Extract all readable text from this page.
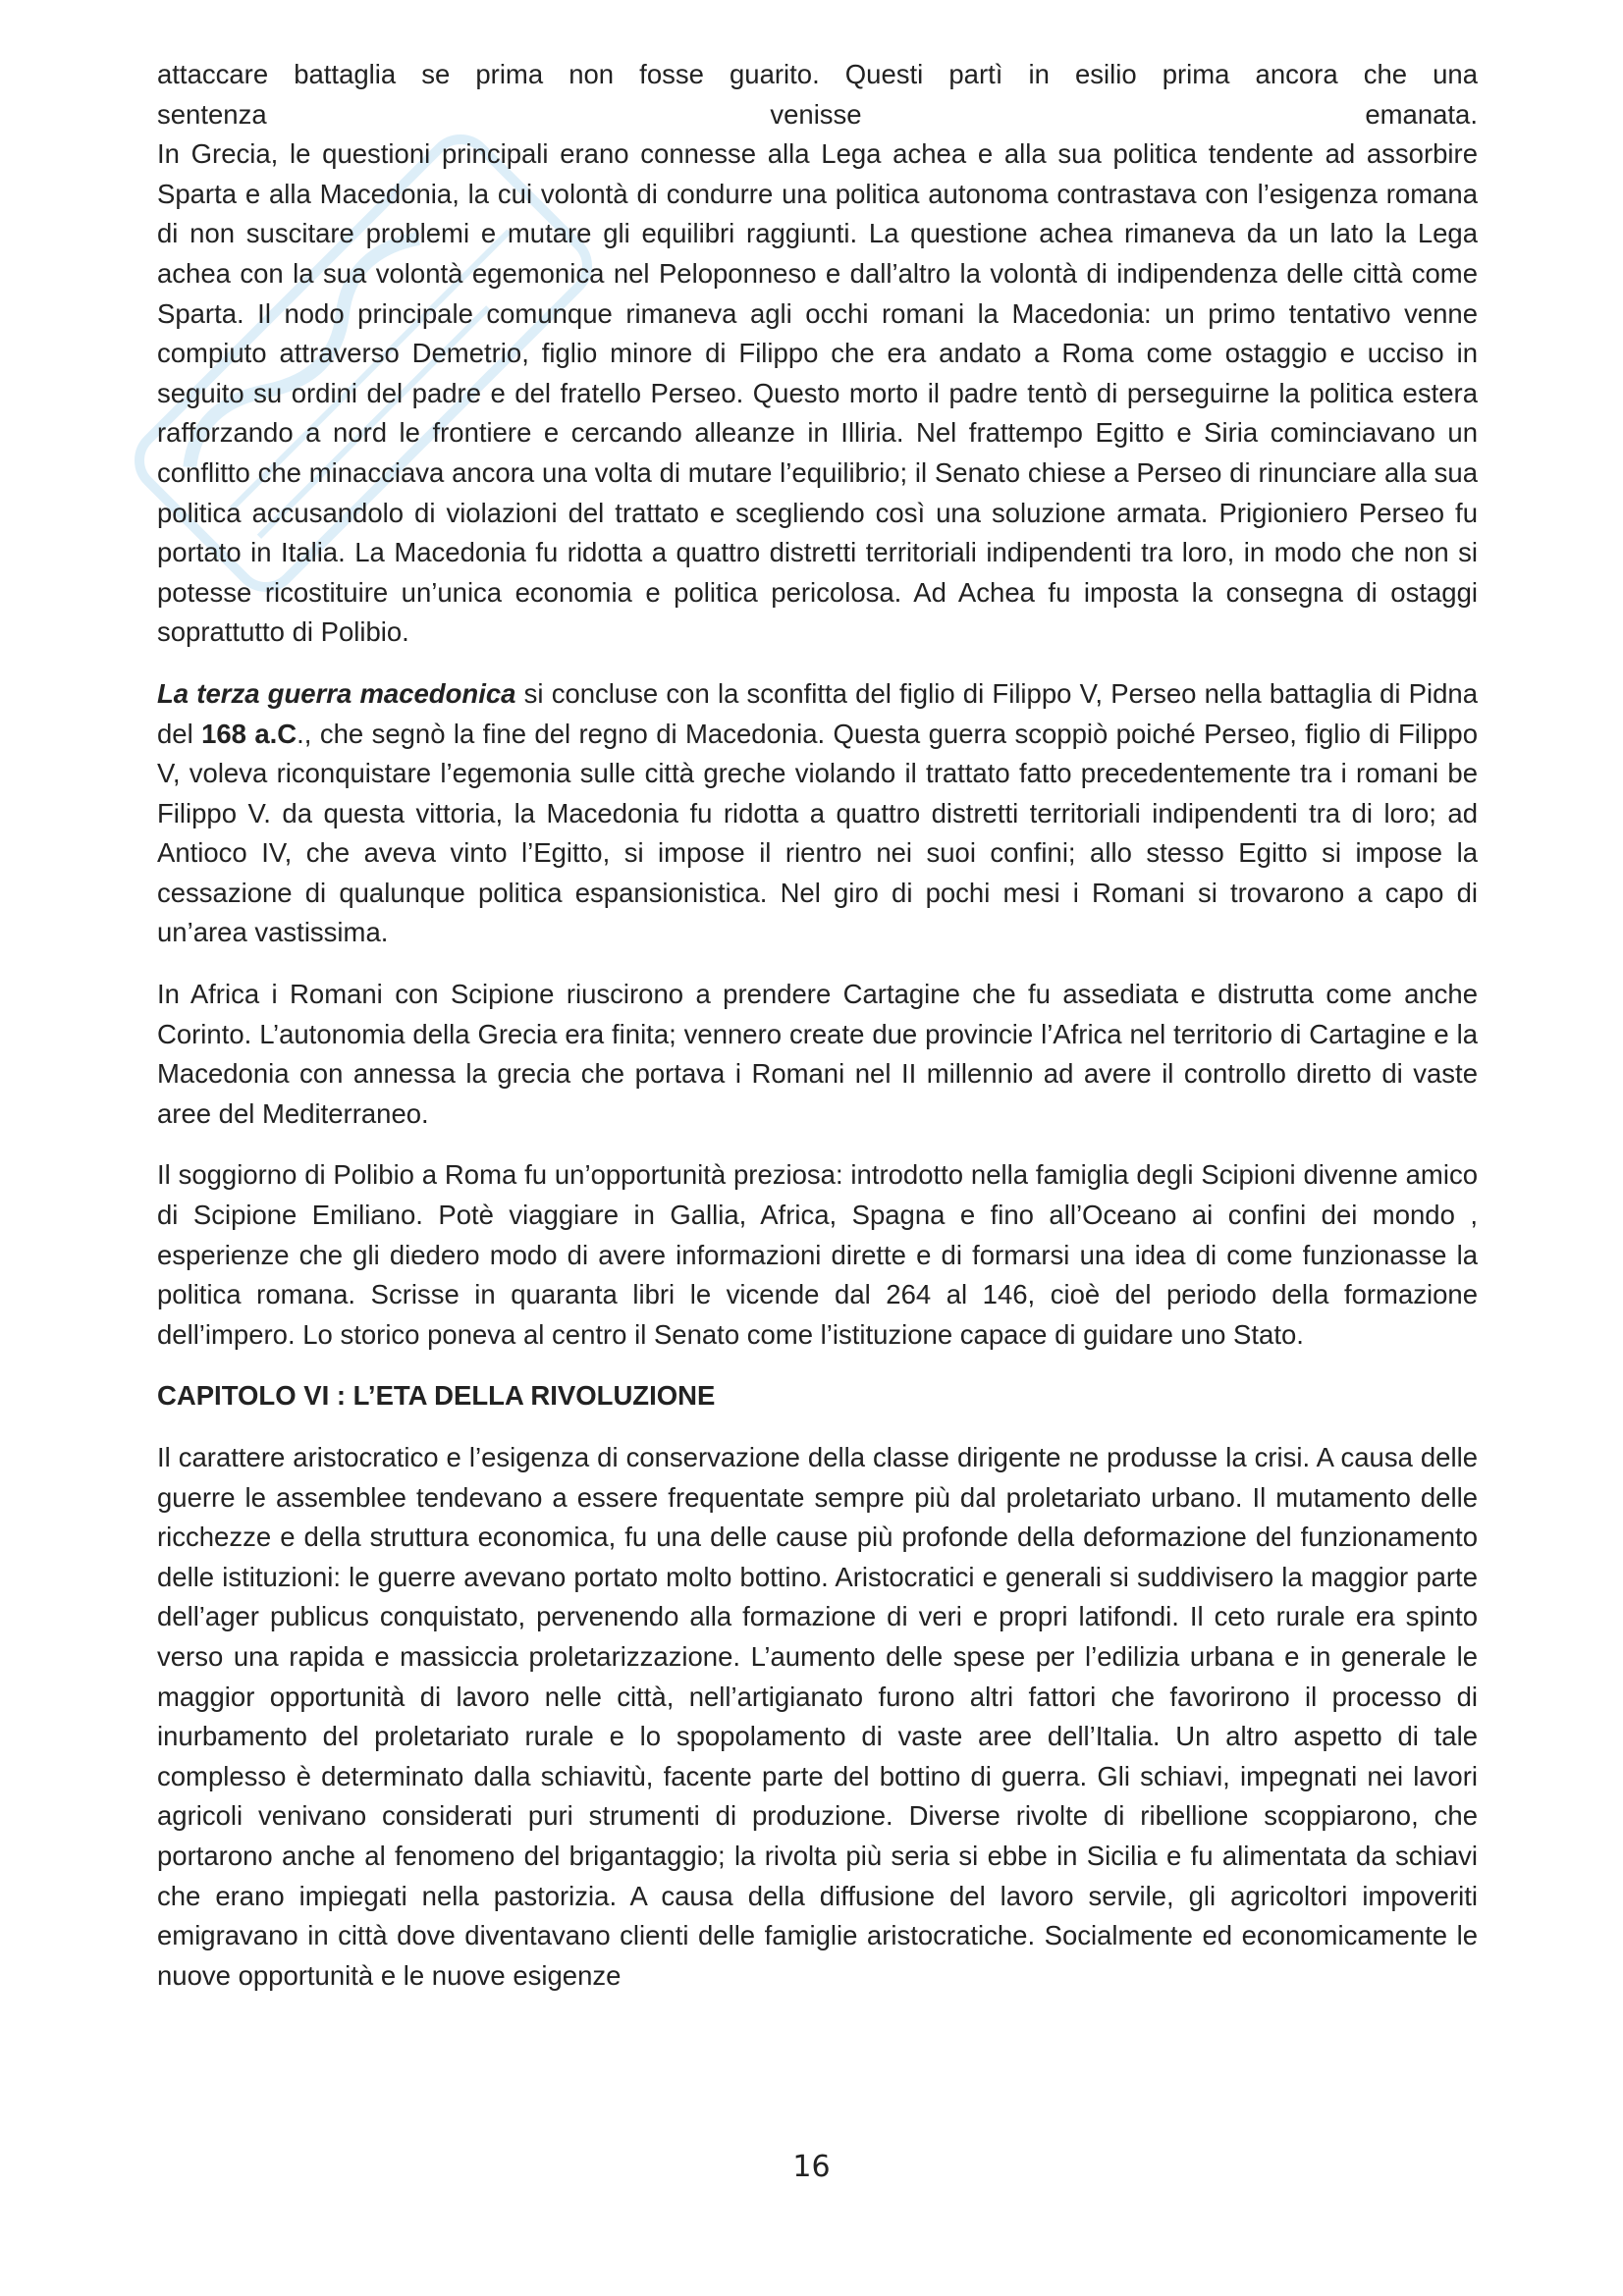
attaccare battaglia se prima non fosse guarito. Questi partì in esilio prima ancora che una
sentenza venisse emanata.
In Grecia, le questioni principali erano connesse alla Lega achea e alla sua politica tendente ad assorbire Sparta e alla Macedonia, la cui volontà di condurre una politica autonoma contrastava con l’esigenza romana di non suscitare problemi e mutare gli equilibri raggiunti. La questione achea rimaneva da un lato la Lega achea con la sua volontà egemonica nel Peloponneso e dall’altro la volontà di indipendenza delle città come Sparta. Il nodo principale comunque rimaneva agli occhi romani la Macedonia: un primo tentativo venne compiuto attraverso Demetrio, figlio minore di Filippo che era andato a Roma come ostaggio e ucciso in seguito su ordini del padre e del fratello Perseo. Questo morto il padre tentò di perseguirne la politica estera rafforzando a nord le frontiere e cercando alleanze in Illiria. Nel frattempo Egitto e Siria cominciavano un conflitto che minacciava ancora una volta di mutare l’equilibrio; il Senato chiese a Perseo di rinunciare alla sua politica accusandolo di violazioni del trattato e scegliendo così una soluzione armata. Prigioniero Perseo fu portato in Italia. La Macedonia fu ridotta a quattro distretti territoriali indipendenti tra loro, in modo che non si potesse ricostituire un’unica economia e politica pericolosa. Ad Achea fu imposta la consegna di ostaggi soprattutto di Polibio.
La terza guerra macedonica si concluse con la sconfitta del figlio di Filippo V, Perseo nella battaglia di Pidna del 168 a.C., che segnò la fine del regno di Macedonia. Questa guerra scoppiò poiché Perseo, figlio di Filippo V, voleva riconquistare l’egemonia sulle città greche violando il trattato fatto precedentemente tra i romani be Filippo V. da questa vittoria, la Macedonia fu ridotta a quattro distretti territoriali indipendenti tra di loro; ad Antioco IV, che aveva vinto l’Egitto, si impose il rientro nei suoi confini; allo stesso Egitto si impose la cessazione di qualunque politica espansionistica. Nel giro di pochi mesi i Romani si trovarono a capo di un’area vastissima.
In Africa i Romani con Scipione riuscirono a prendere Cartagine che fu assediata e distrutta come anche Corinto. L’autonomia della Grecia era finita; vennero create due provincie l’Africa nel territorio di Cartagine e la Macedonia con annessa la grecia che portava i Romani nel II millennio ad avere il controllo diretto di vaste aree del Mediterraneo.
Il soggiorno di Polibio a Roma fu un’opportunità preziosa: introdotto nella famiglia degli Scipioni divenne amico di Scipione Emiliano. Potè viaggiare in Gallia, Africa, Spagna e fino all’Oceano ai confini dei mondo , esperienze che gli diedero modo di avere informazioni dirette e di formarsi una idea di come funzionasse la politica romana. Scrisse in quaranta libri le vicende dal 264 al 146, cioè del periodo della formazione dell’impero. Lo storico poneva al centro il Senato come l’istituzione capace di guidare uno Stato.
CAPITOLO VI : L’ETA DELLA RIVOLUZIONE
Il carattere aristocratico e l’esigenza di conservazione della classe dirigente ne produsse la crisi. A causa delle guerre le assemblee tendevano a essere frequentate sempre più dal proletariato urbano. Il mutamento delle ricchezze e della struttura economica, fu una delle cause più profonde della deformazione del funzionamento delle istituzioni: le guerre avevano portato molto bottino. Aristocratici e generali si suddivisero la maggior parte dell’ager publicus conquistato, pervenendo alla formazione di veri e propri latifondi. Il ceto rurale era spinto verso una rapida e massiccia proletarizzazione. L’aumento delle spese per l’edilizia urbana e in generale le maggior opportunità di lavoro nelle città, nell’artigianato furono altri fattori che favorirono il processo di inurbamento del proletariato rurale e lo spopolamento di vaste aree dell’Italia. Un altro aspetto di tale complesso è determinato dalla schiavitù, facente parte del bottino di guerra. Gli schiavi, impegnati nei lavori agricoli venivano considerati puri strumenti di produzione. Diverse rivolte di ribellione scoppiarono, che portarono anche al fenomeno del brigantaggio; la rivolta più seria si ebbe in Sicilia e fu alimentata da schiavi che erano impiegati nella pastorizia. A causa della diffusione del lavoro servile, gli agricoltori impoveriti emigravano in città dove diventavano clienti delle famiglie aristocratiche. Socialmente ed economicamente le nuove opportunità e le nuove esigenze
16
